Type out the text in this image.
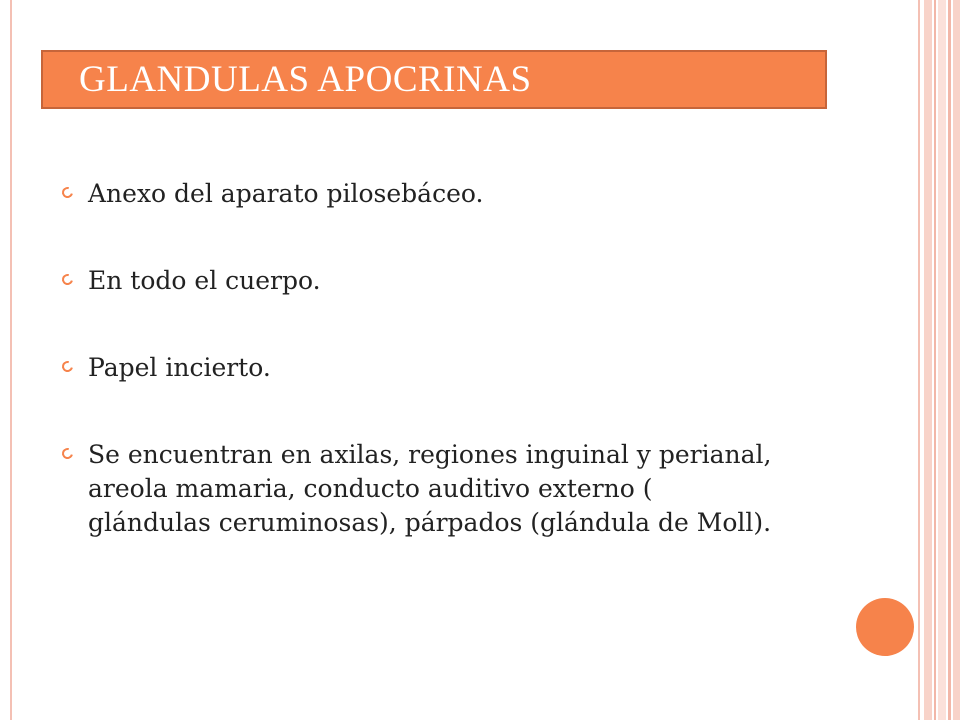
GLANDULAS APOCRINAS
Anexo del aparato pilosebáceo.
En todo el cuerpo.
Papel incierto.
Se encuentran en axilas, regiones inguinal y perianal, areola mamaria, conducto auditivo externo ( glándulas ceruminosas), párpados (glándula de Moll).
